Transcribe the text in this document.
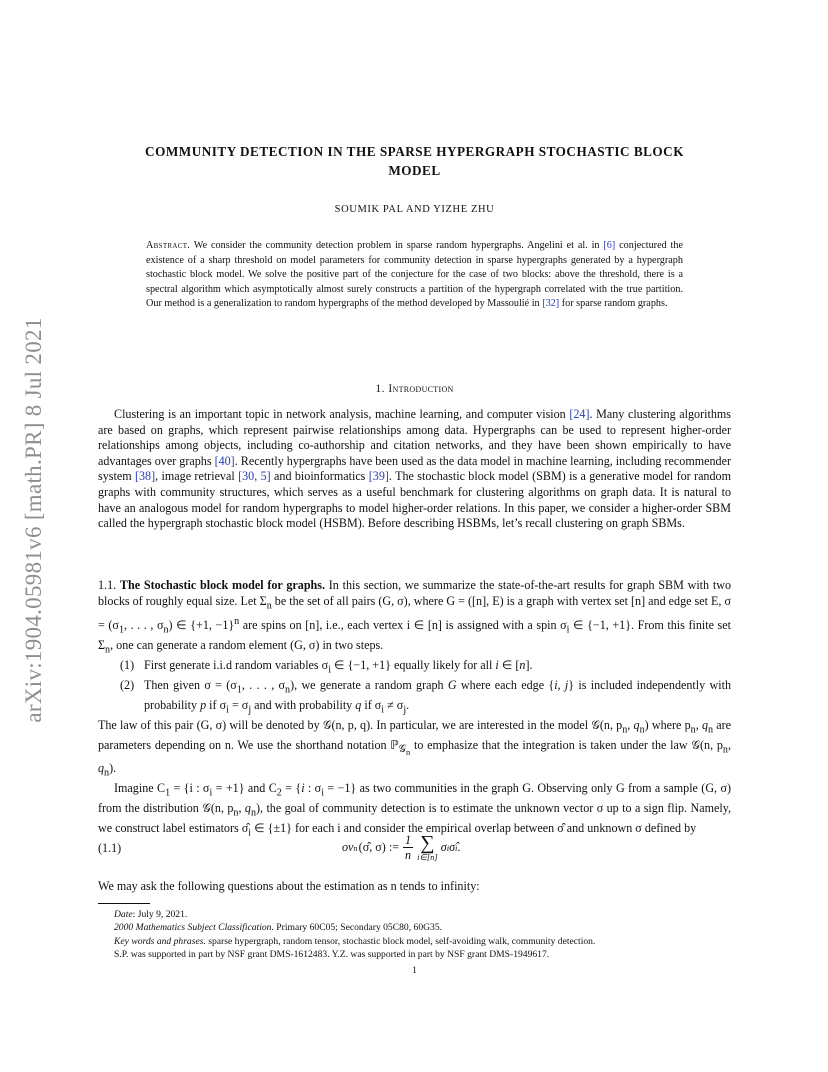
arXiv:1904.05981v6 [math.PR] 8 Jul 2021
COMMUNITY DETECTION IN THE SPARSE HYPERGRAPH STOCHASTIC BLOCK
MODEL
SOUMIK PAL AND YIZHE ZHU
Abstract. We consider the community detection problem in sparse random hypergraphs. Angelini et al. in [6] conjectured the existence of a sharp threshold on model parameters for community detection in sparse hypergraphs generated by a hypergraph stochastic block model. We solve the positive part of the conjecture for the case of two blocks: above the threshold, there is a spectral algorithm which asymptotically almost surely constructs a partition of the hypergraph correlated with the true partition. Our method is a generalization to random hypergraphs of the method developed by Massoulié in [32] for sparse random graphs.
1. Introduction

Clustering is an important topic in network analysis, machine learning, and computer vision [24]. Many clustering algorithms are based on graphs, which represent pairwise relationships among data. Hypergraphs can be used to represent higher-order relationships among objects, including co-authorship and citation networks, and they have been shown empirically to have advantages over graphs [40]. Recently hypergraphs have been used as the data model in machine learning, including recommender system [38], image retrieval [30, 5] and bioinformatics [39]. The stochastic block model (SBM) is a generative model for random graphs with community structures, which serves as a useful benchmark for clustering algorithms on graph data. It is natural to have an analogous model for random hypergraphs to model higher-order relations. In this paper, we consider a higher-order SBM called the hypergraph stochastic block model (HSBM). Before describing HSBMs, let’s recall clustering on graph SBMs.

1.1. The Stochastic block model for graphs. In this section, we summarize the state-of-the-art results for graph SBM with two blocks of roughly equal size. Let $\Sigma_n$ be the set of all pairs (G, σ), where G = ([n], E) is a graph with vertex set [n] and edge set E, $\sigma = (\sigma_1$, . . . , $\sigma_n$) ∈ {+1, −1}$^n$ are spins on [n], i.e., each vertex i ∈ [n] is assigned with a spin $\sigma_i$ ∈ {−1, +1}. From this finite set $\Sigma_n$, one can generate a random element (G, σ) in two steps.

(1) First generate i.i.d random variables $\sigma_i$ ∈ {−1, +1} equally likely for all i ∈ [n].
(2) Then given $\sigma = (\sigma_1$, . . . , $\sigma_n$), we generate a random graph G where each edge {i, j} is included independently with probability p if $\sigma_i = \sigma_j$ and with probability q if $\sigma_i \ne \sigma_j$.

The law of this pair (G, σ) will be denoted by 𝒢(n, p, q). In particular, we are interested in the model 𝒢(n, $p_n$, $q_n$) where $p_n$, $q_n$ are parameters depending on n. We use the shorthand notation ℙ$_{𝒢_n}$ to emphasize that the integration is taken under the law 𝒢(n, $p_n$, $q_n$).

Imagine $C_1 = \{i$ : $\sigma_i = +1$} and $C_2 = \{i$ : $\sigma_i = -1$} as two communities in the graph G. Observing only G from a sample (G, σ) from the distribution 𝒢(n, $p_n$, $q_n$), the goal of community detection is to estimate the unknown vector σ up to a sign flip. Namely, we construct label estimators $\sigmâ_i$ ∈ {±1} for each i and consider the empirical overlap between σ̂ and unknown σ defined by

(1.1)	ov n (σ̂, σ) := $\frac{1}{n}$ ∑
i∈[n]
σ i σ̂ i .
We may ask the following questions about the estimation as n tends to infinity:
Date: July 9, 2021.
2000 Mathematics Subject Classification. Primary 60C05; Secondary 05C80, 60G35.
Key words and phrases. sparse hypergraph, random tensor, stochastic block model, self-avoiding walk, community detection.
S.P. was supported in part by NSF grant DMS-1612483. Y.Z. was supported in part by NSF grant DMS-1949617.
1
